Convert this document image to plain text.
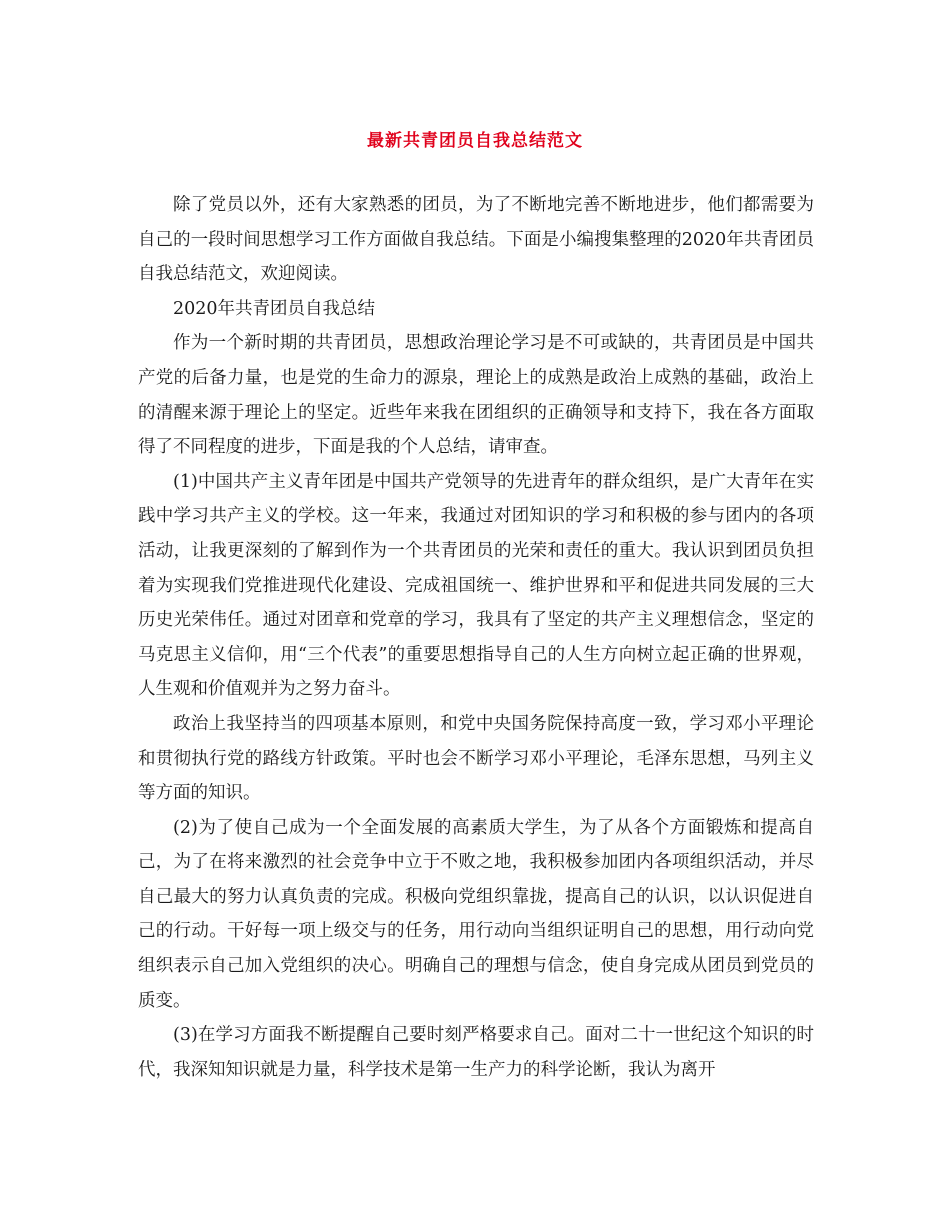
最新共青团员自我总结范文

除了党员以外，还有大家熟悉的团员，为了不断地完善不断地进步，他们都需要为自己的一段时间思想学习工作方面做自我总结。下面是小编搜集整理的2020年共青团员自我总结范文，欢迎阅读。

2020年共青团员自我总结

作为一个新时期的共青团员，思想政治理论学习是不可或缺的，共青团员是中国共产党的后备力量，也是党的生命力的源泉，理论上的成熟是政治上成熟的基础，政治上的清醒来源于理论上的坚定。近些年来我在团组织的正确领导和支持下，我在各方面取得了不同程度的进步，下面是我的个人总结，请审查。

(1)中国共产主义青年团是中国共产党领导的先进青年的群众组织，是广大青年在实践中学习共产主义的学校。这一年来，我通过对团知识的学习和积极的参与团内的各项活动，让我更深刻的了解到作为一个共青团员的光荣和责任的重大。我认识到团员负担着为实现我们党推进现代化建设、完成祖国统一、维护世界和平和促进共同发展的三大历史光荣伟任。通过对团章和党章的学习，我具有了坚定的共产主义理想信念，坚定的马克思主义信仰，用“三个代表”的重要思想指导自己的人生方向树立起正确的世界观，人生观和价值观并为之努力奋斗。

政治上我坚持当的四项基本原则，和党中央国务院保持高度一致，学习邓小平理论和贯彻执行党的路线方针政策。平时也会不断学习邓小平理论，毛泽东思想，马列主义等方面的知识。

(2)为了使自己成为一个全面发展的高素质大学生，为了从各个方面锻炼和提高自己，为了在将来激烈的社会竞争中立于不败之地，我积极参加团内各项组织活动，并尽自己最大的努力认真负责的完成。积极向党组织靠拢，提高自己的认识，以认识促进自己的行动。干好每一项上级交与的任务，用行动向当组织证明自己的思想，用行动向党组织表示自己加入党组织的决心。明确自己的理想与信念，使自身完成从团员到党员的质变。

(3)在学习方面我不断提醒自己要时刻严格要求自己。面对二十一世纪这个知识的时代，我深知知识就是力量，科学技术是第一生产力的科学论断，我认为离开
